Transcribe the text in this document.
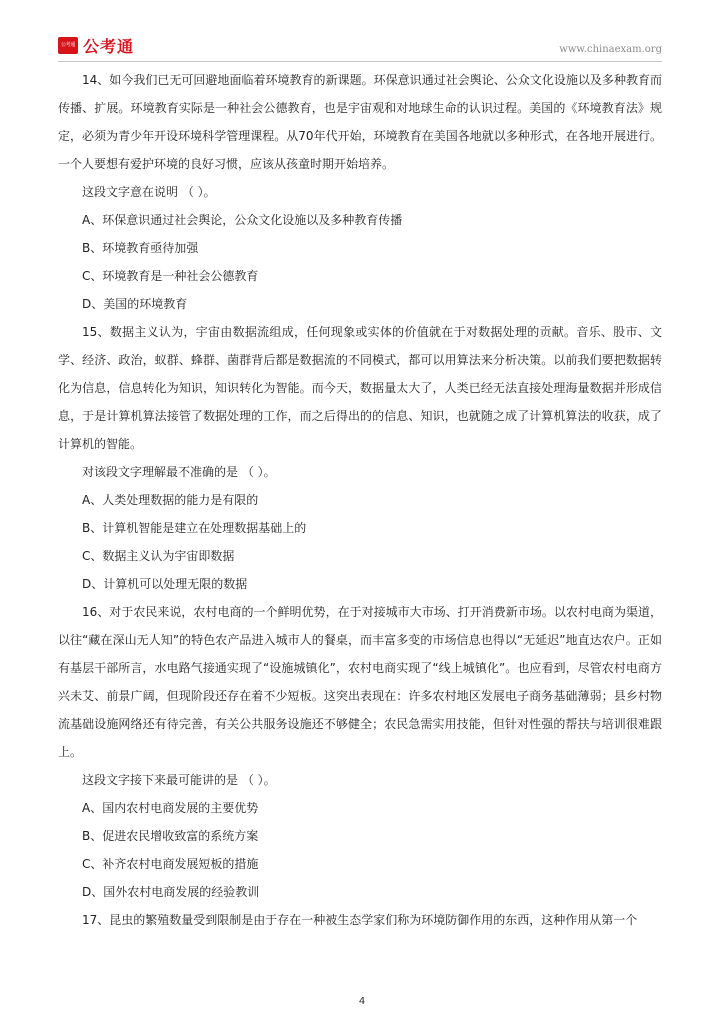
公考通 公考通	www.chinaexam.org

14、如今我们已无可回避地面临着环境教育的新课题。环保意识通过社会舆论、公众文化设施以及多种教育而传播、扩展。环境教育实际是一种社会公德教育，也是宇宙观和对地球生命的认识过程。美国的《环境教育法》规定，必须为青少年开设环境科学管理课程。从70年代开始，环境教育在美国各地就以多种形式，在各地开展进行。一个人要想有爱护环境的良好习惯，应该从孩童时期开始培养。

这段文字意在说明 （ ）。
A、环保意识通过社会舆论，公众文化设施以及多种教育传播
B、环境教育亟待加强
C、环境教育是一种社会公德教育
D、美国的环境教育

15、数据主义认为，宇宙由数据流组成，任何现象或实体的价值就在于对数据处理的贡献。音乐、股市、文学、经济、政治，蚁群、蜂群、菌群背后都是数据流的不同模式，都可以用算法来分析决策。以前我们要把数据转化为信息，信息转化为知识，知识转化为智能。而今天，数据量太大了，人类已经无法直接处理海量数据并形成信息，于是计算机算法接管了数据处理的工作，而之后得出的的信息、知识，也就随之成了计算机算法的收获，成了计算机的智能。

对该段文字理解最不准确的是 （ ）。
A、人类处理数据的能力是有限的
B、计算机智能是建立在处理数据基础上的
C、数据主义认为宇宙即数据
D、计算机可以处理无限的数据

16、对于农民来说，农村电商的一个鲜明优势，在于对接城市大市场、打开消费新市场。以农村电商为渠道，以往“藏在深山无人知”的特色农产品进入城市人的餐桌，而丰富多变的市场信息也得以“无延迟”地直达农户。正如有基层干部所言，水电路气接通实现了“设施城镇化”，农村电商实现了“线上城镇化”。也应看到，尽管农村电商方兴未艾、前景广阔，但现阶段还存在着不少短板。这突出表现在：许多农村地区发展电子商务基础薄弱；县乡村物流基础设施网络还有待完善，有关公共服务设施还不够健全；农民急需实用技能，但针对性强的帮扶与培训很难跟上。

这段文字接下来最可能讲的是 （ ）。
A、国内农村电商发展的主要优势
B、促进农民增收致富的系统方案
C、补齐农村电商发展短板的措施
D、国外农村电商发展的经验教训

17、昆虫的繁殖数量受到限制是由于存在一种被生态学家们称为环境防御作用的东西，这种作用从第一个

4
